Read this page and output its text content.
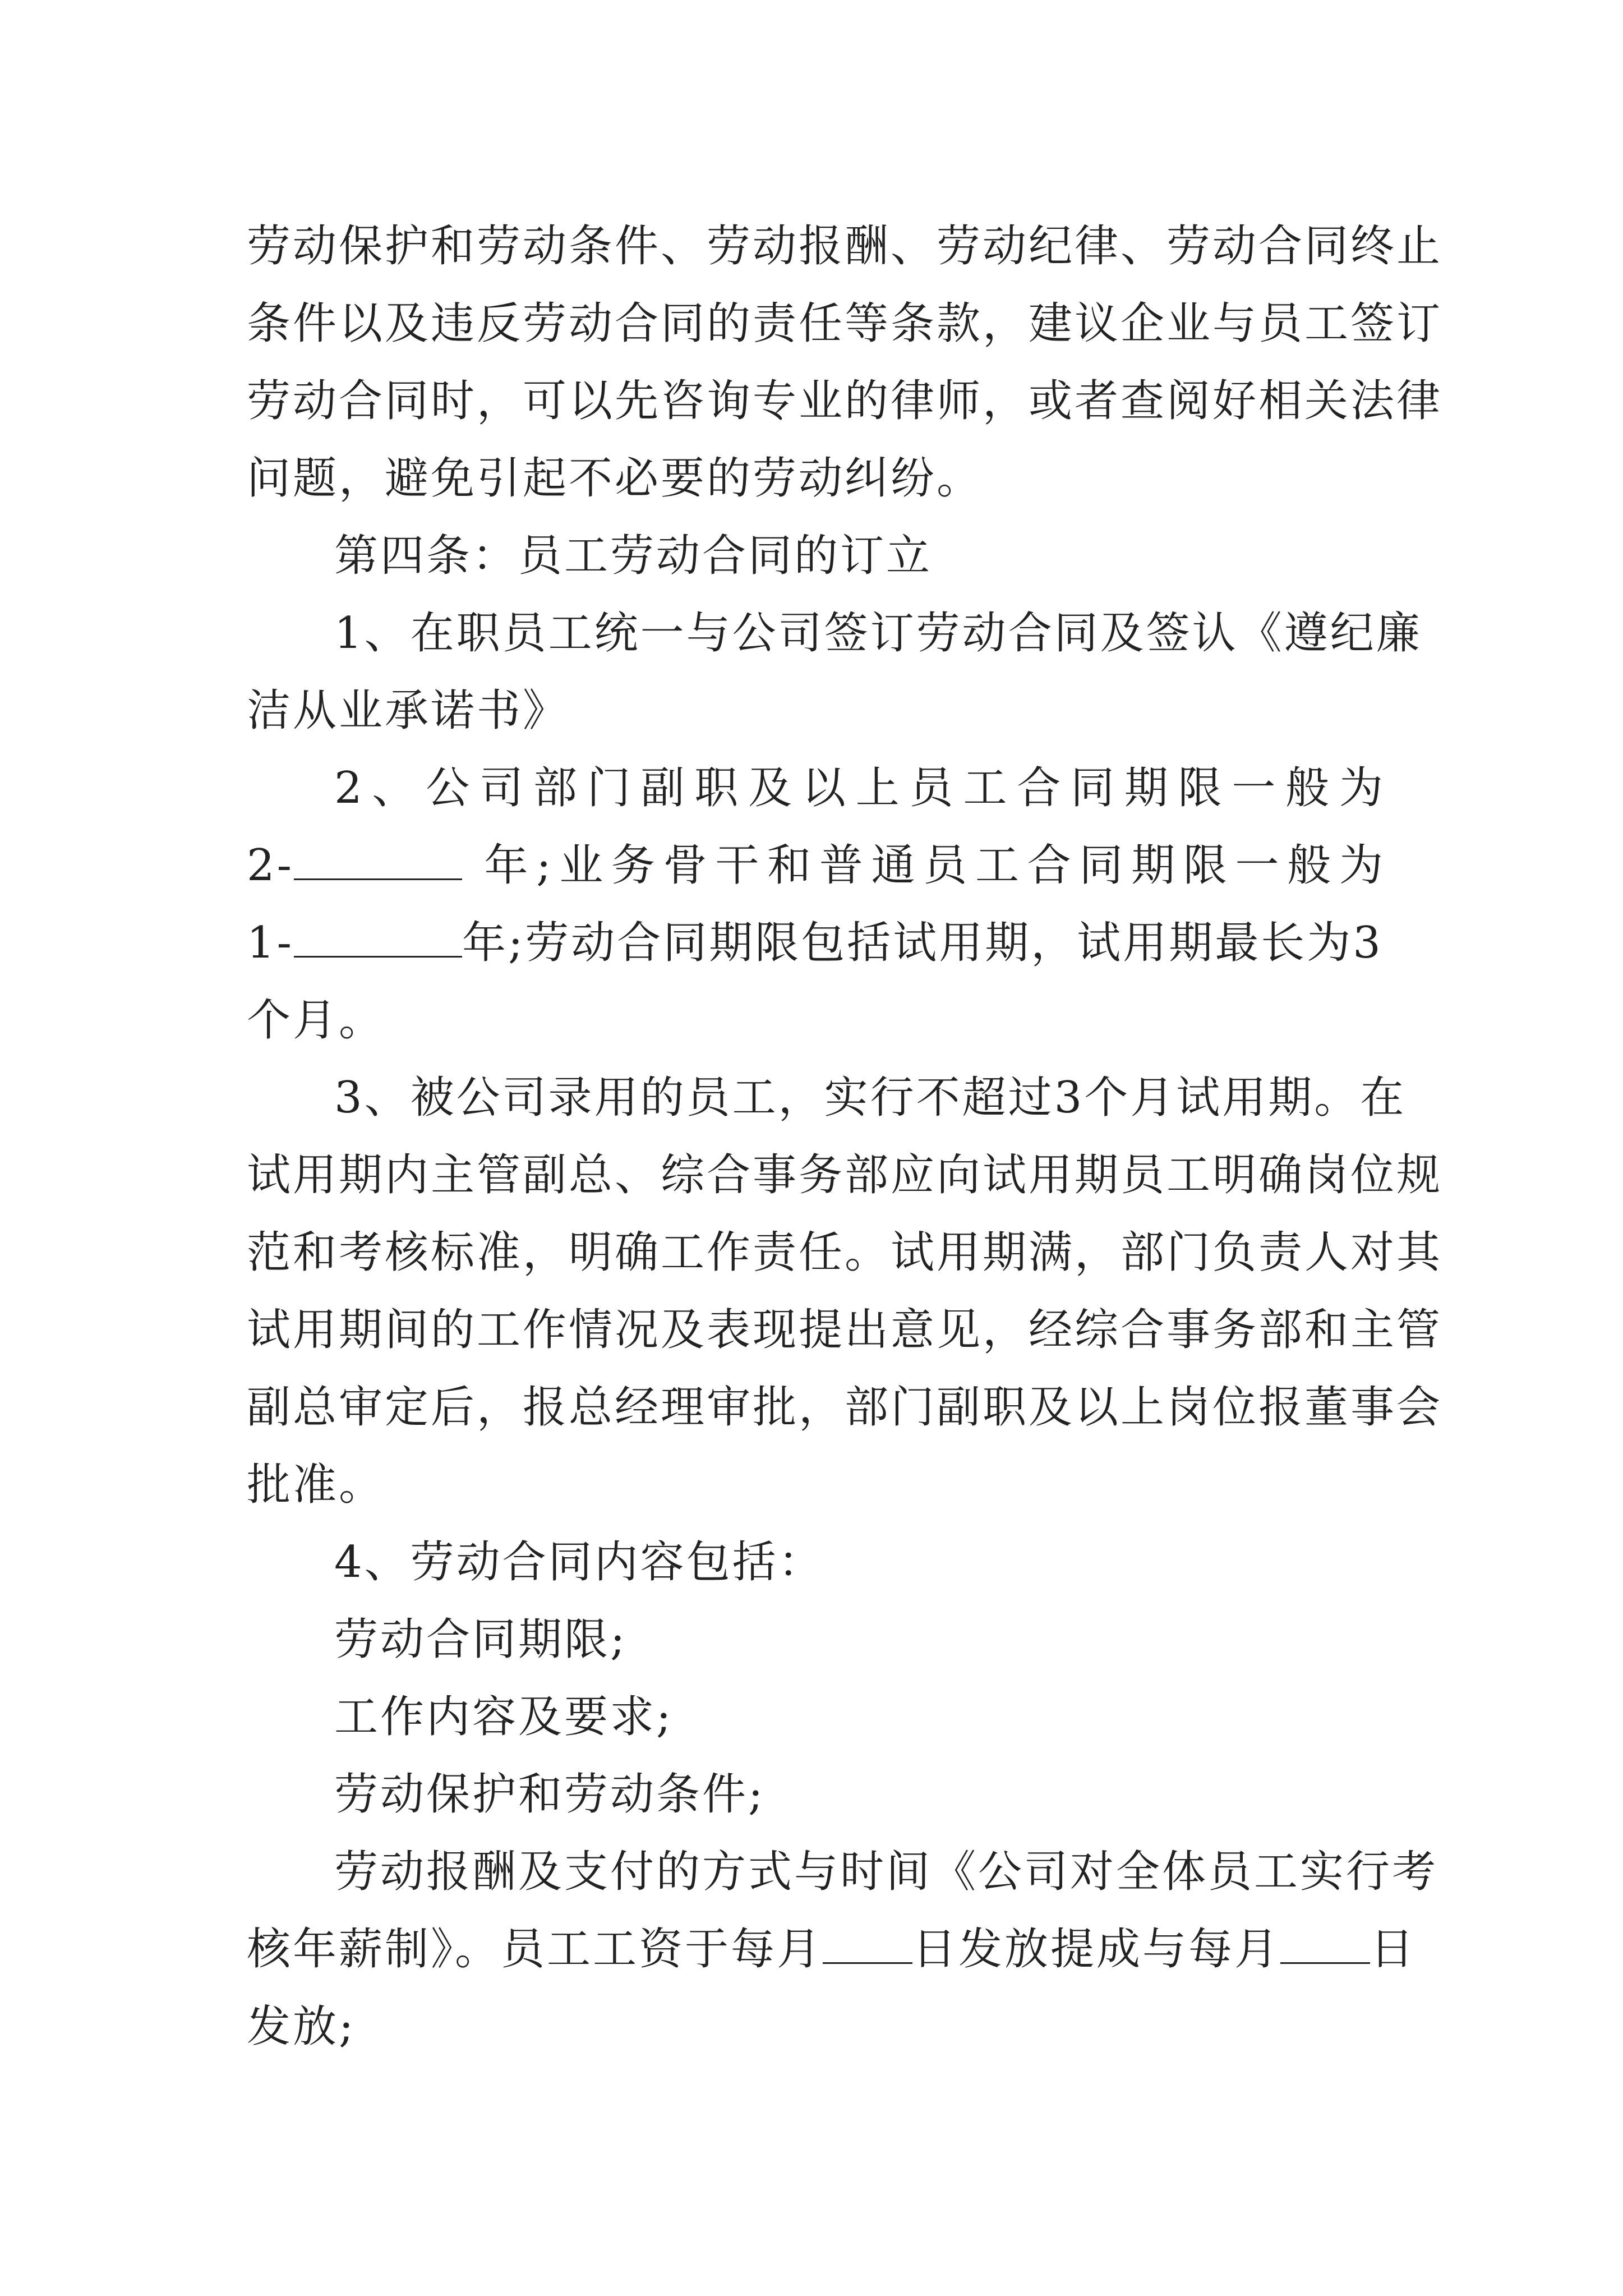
劳动保护和劳动条件、劳动报酬、劳动纪律、劳动合同终止
条件以及违反劳动合同的责任等条款，建议企业与员工签订
劳动合同时，可以先咨询专业的律师，或者查阅好相关法律
问题，避免引起不必要的劳动纠纷。
第四条：员工劳动合同的订立
1、在职员工统一与公司签订劳动合同及签认《遵纪廉
洁从业承诺书》
2、公司部门副职及以上员工合同期限一般为
2-	年;业务骨干和普通员工合同期限一般为
1-	年;劳动合同期限包括试用期，试用期最长为3
个月。
3、被公司录用的员工，实行不超过3个月试用期。在
试用期内主管副总、综合事务部应向试用期员工明确岗位规
范和考核标准，明确工作责任。试用期满，部门负责人对其
试用期间的工作情况及表现提出意见，经综合事务部和主管
副总审定后，报总经理审批，部门副职及以上岗位报董事会
批准。
4、劳动合同内容包括：
劳动合同期限;
工作内容及要求;
劳动保护和劳动条件;
劳动报酬及支付的方式与时间《公司对全体员工实行考
核年薪制》。员工工资于每月 日发放提成与每月 日
发放;
